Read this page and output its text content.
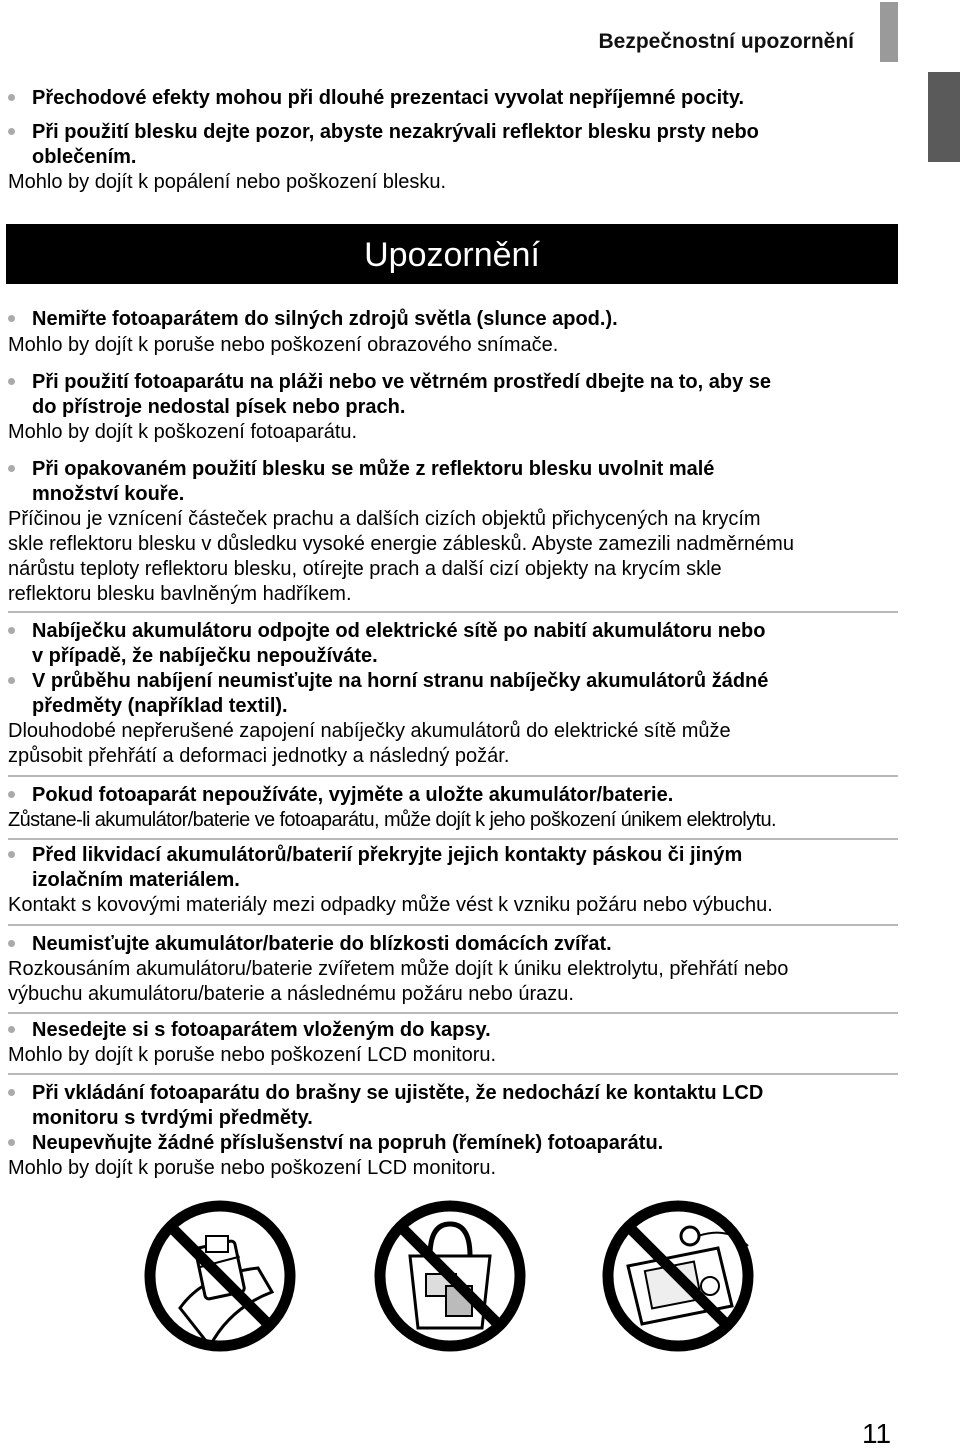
Bezpečnostní upozornění
Přechodové efekty mohou při dlouhé prezentaci vyvolat nepříjemné pocity.
Při použití blesku dejte pozor, abyste nezakrývali reflektor blesku prsty nebo
oblečením.
Mohlo by dojít k popálení nebo poškození blesku.
Upozornění
Nemiřte fotoaparátem do silných zdrojů světla (slunce apod.).
Mohlo by dojít k poruše nebo poškození obrazového snímače.
Při použití fotoaparátu na pláži nebo ve větrném prostředí dbejte na to, aby se
do přístroje nedostal písek nebo prach.
Mohlo by dojít k poškození fotoaparátu.
Při opakovaném použití blesku se může z reflektoru blesku uvolnit malé
množství kouře.
Příčinou je vznícení částeček prachu a dalších cizích objektů přichycených na krycím
skle reflektoru blesku v důsledku vysoké energie záblesků. Abyste zamezili nadměrnému
nárůstu teploty reflektoru blesku, otírejte prach a další cizí objekty na krycím skle
reflektoru blesku bavlněným hadříkem.
Nabíječku akumulátoru odpojte od elektrické sítě po nabití akumulátoru nebo
v případě, že nabíječku nepoužíváte.
V průběhu nabíjení neumisťujte na horní stranu nabíječky akumulátorů žádné
předměty (například textil).
Dlouhodobé nepřerušené zapojení nabíječky akumulátorů do elektrické sítě může
způsobit přehřátí a deformaci jednotky a následný požár.
Pokud fotoaparát nepoužíváte, vyjměte a uložte akumulátor/baterie.
Zůstane-li akumulátor/baterie ve fotoaparátu, může dojít k jeho poškození únikem elektrolytu.
Před likvidací akumulátorů/baterií překryjte jejich kontakty páskou či jiným
izolačním materiálem.
Kontakt s kovovými materiály mezi odpadky může vést k vzniku požáru nebo výbuchu.
Neumisťujte akumulátor/baterie do blízkosti domácích zvířat.
Rozkousáním akumulátoru/baterie zvířetem může dojít k úniku elektrolytu, přehřátí nebo
výbuchu akumulátoru/baterie a následnému požáru nebo úrazu.
Nesedejte si s fotoaparátem vloženým do kapsy.
Mohlo by dojít k poruše nebo poškození LCD monitoru.
Při vkládání fotoaparátu do brašny se ujistěte, že nedochází ke kontaktu LCD
monitoru s tvrdými předměty.
Neupevňujte žádné příslušenství na popruh (řemínek) fotoaparátu.
Mohlo by dojít k poruše nebo poškození LCD monitoru.
11
